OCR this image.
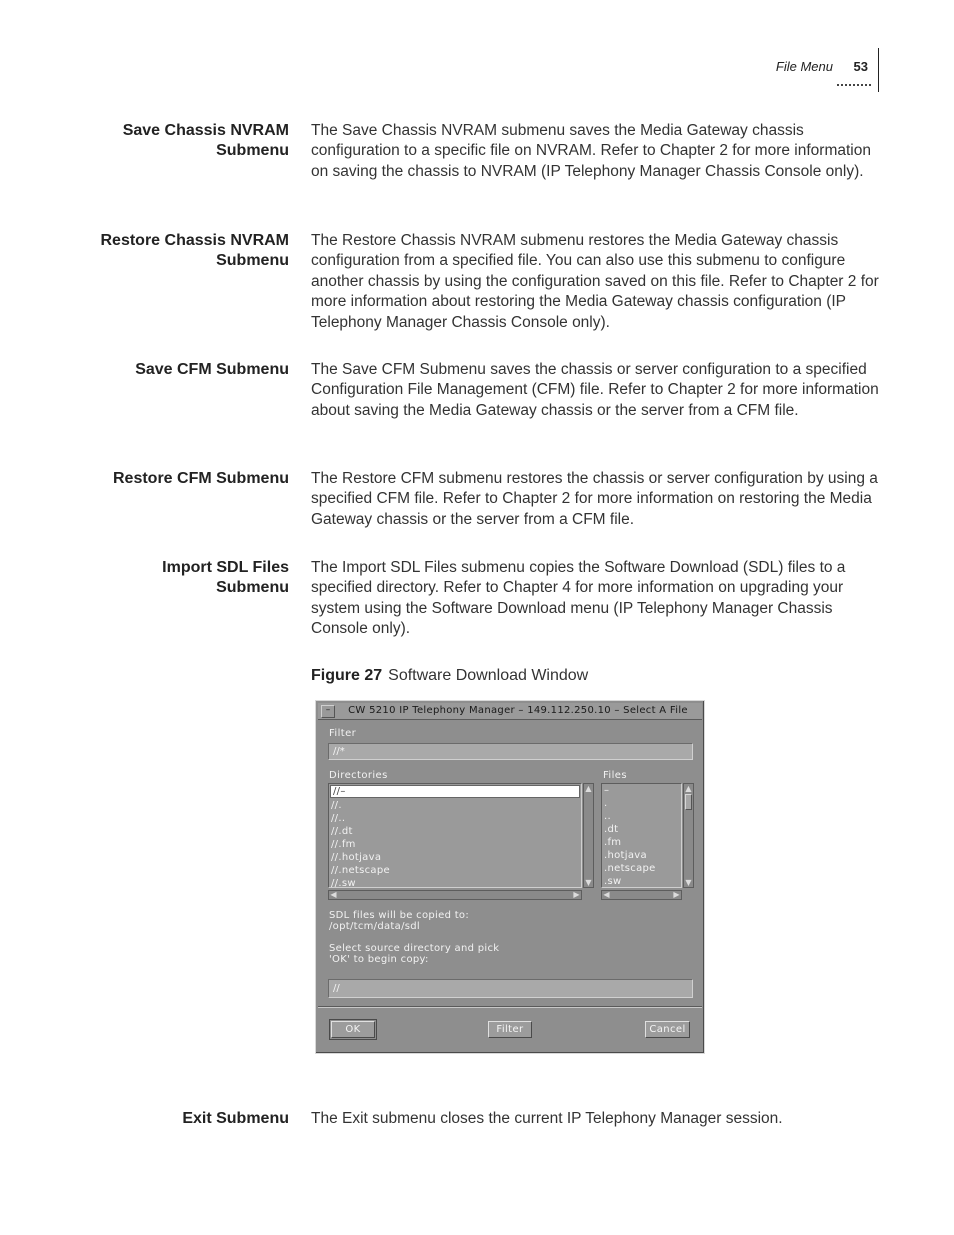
File Menu 53
Save Chassis NVRAM
Submenu
The Save Chassis NVRAM submenu saves the Media Gateway chassis configuration to a specific file on NVRAM. Refer to Chapter 2 for more information on saving the chassis to NVRAM (IP Telephony Manager Chassis Console only).
Restore Chassis NVRAM
Submenu
The Restore Chassis NVRAM submenu restores the Media Gateway chassis configuration from a specified file. You can also use this submenu to configure another chassis by using the configuration saved on this file. Refer to Chapter 2 for more information about restoring the Media Gateway chassis configuration (IP Telephony Manager Chassis Console only).
Save CFM Submenu The Save CFM Submenu saves the chassis or server configuration to a specified Configuration File Management (CFM) file. Refer to Chapter 2 for more information about saving the Media Gateway chassis or the server from a CFM file.
Restore CFM Submenu The Restore CFM submenu restores the chassis or server configuration by using a specified CFM file. Refer to Chapter 2 for more information on restoring the Media Gateway chassis or the server from a CFM file.
Import SDL Files
Submenu
The Import SDL Files submenu copies the Software Download (SDL) files to a specified directory. Refer to Chapter 4 for more information on upgrading your system using the Software Download menu (IP Telephony Manager Chassis Console only).
Figure 27 Software Download Window
–	CW 5210 IP Telephony Manager – 149.112.250.10 – Select A File
Filter
//*
Directories	Files
//–
//.
//..
//.dt
//.fm
//.hotjava
//.netscape
//.sw
▲
▼
◀	▶
–
.
..
.dt
.fm
.hotjava
.netscape
.sw
▲
▼
◀	▶
SDL files will be copied to:
/opt/tcm/data/sdl
Select source directory and pick
'OK' to begin copy:
//
OK	Filter	Cancel
Exit Submenu The Exit submenu closes the current IP Telephony Manager session.
